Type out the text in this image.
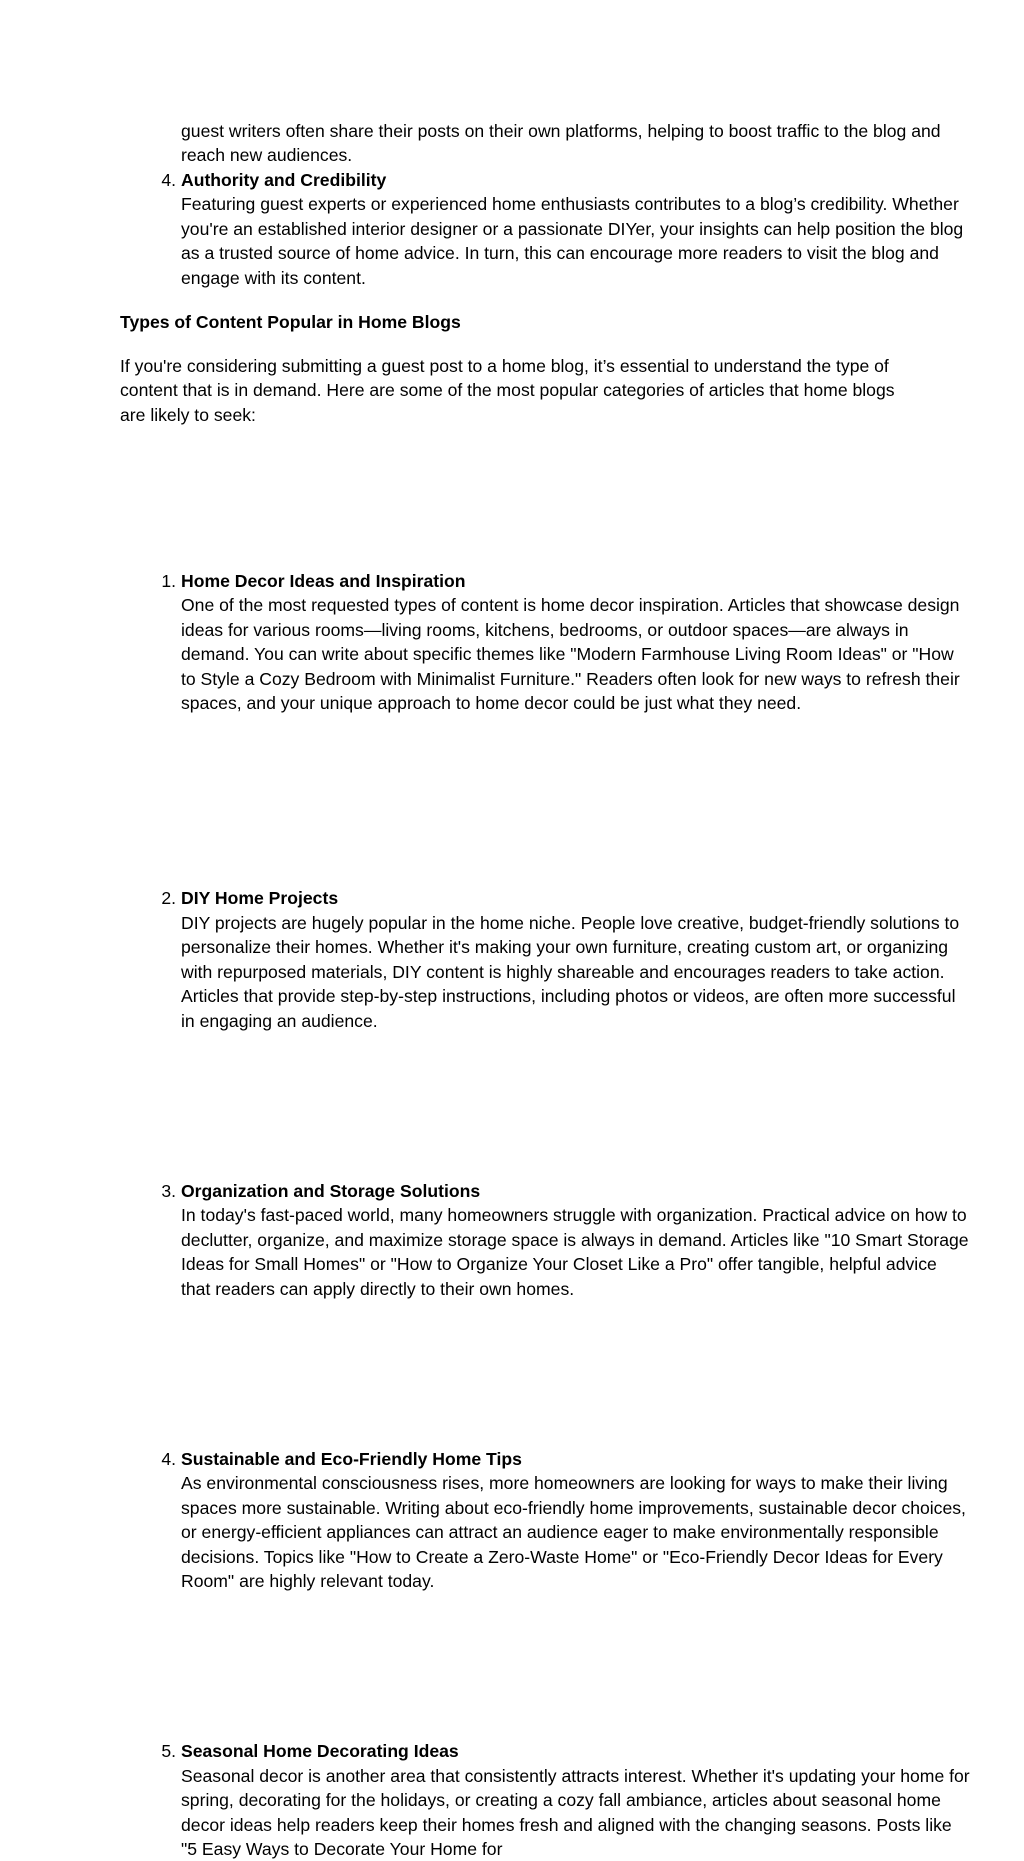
guest writers often share their posts on their own platforms, helping to boost traffic to the blog and reach new audiences.

4. Authority and Credibility

Featuring guest experts or experienced home enthusiasts contributes to a blog’s credibility. Whether you're an established interior designer or a passionate DIYer, your insights can help position the blog as a trusted source of home advice. In turn, this can encourage more readers to visit the blog and engage with its content.

Types of Content Popular in Home Blogs

If you're considering submitting a guest post to a home blog, it’s essential to understand the type of content that is in demand. Here are some of the most popular categories of articles that home blogs are likely to seek:

1. Home Decor Ideas and Inspiration

One of the most requested types of content is home decor inspiration. Articles that showcase design ideas for various rooms—living rooms, kitchens, bedrooms, or outdoor spaces—are always in demand. You can write about specific themes like "Modern Farmhouse Living Room Ideas" or "How to Style a Cozy Bedroom with Minimalist Furniture." Readers often look for new ways to refresh their spaces, and your unique approach to home decor could be just what they need.

2. DIY Home Projects

DIY projects are hugely popular in the home niche. People love creative, budget-friendly solutions to personalize their homes. Whether it's making your own furniture, creating custom art, or organizing with repurposed materials, DIY content is highly shareable and encourages readers to take action. Articles that provide step-by-step instructions, including photos or videos, are often more successful in engaging an audience.

3. Organization and Storage Solutions

In today's fast-paced world, many homeowners struggle with organization. Practical advice on how to declutter, organize, and maximize storage space is always in demand. Articles like "10 Smart Storage Ideas for Small Homes" or "How to Organize Your Closet Like a Pro" offer tangible, helpful advice that readers can apply directly to their own homes.

4. Sustainable and Eco-Friendly Home Tips

As environmental consciousness rises, more homeowners are looking for ways to make their living spaces more sustainable. Writing about eco-friendly home improvements, sustainable decor choices, or energy-efficient appliances can attract an audience eager to make environmentally responsible decisions. Topics like "How to Create a Zero-Waste Home" or "Eco-Friendly Decor Ideas for Every Room" are highly relevant today.

5. Seasonal Home Decorating Ideas

Seasonal decor is another area that consistently attracts interest. Whether it's updating your home for spring, decorating for the holidays, or creating a cozy fall ambiance, articles about seasonal home decor ideas help readers keep their homes fresh and aligned with the changing seasons. Posts like "5 Easy Ways to Decorate Your Home for
